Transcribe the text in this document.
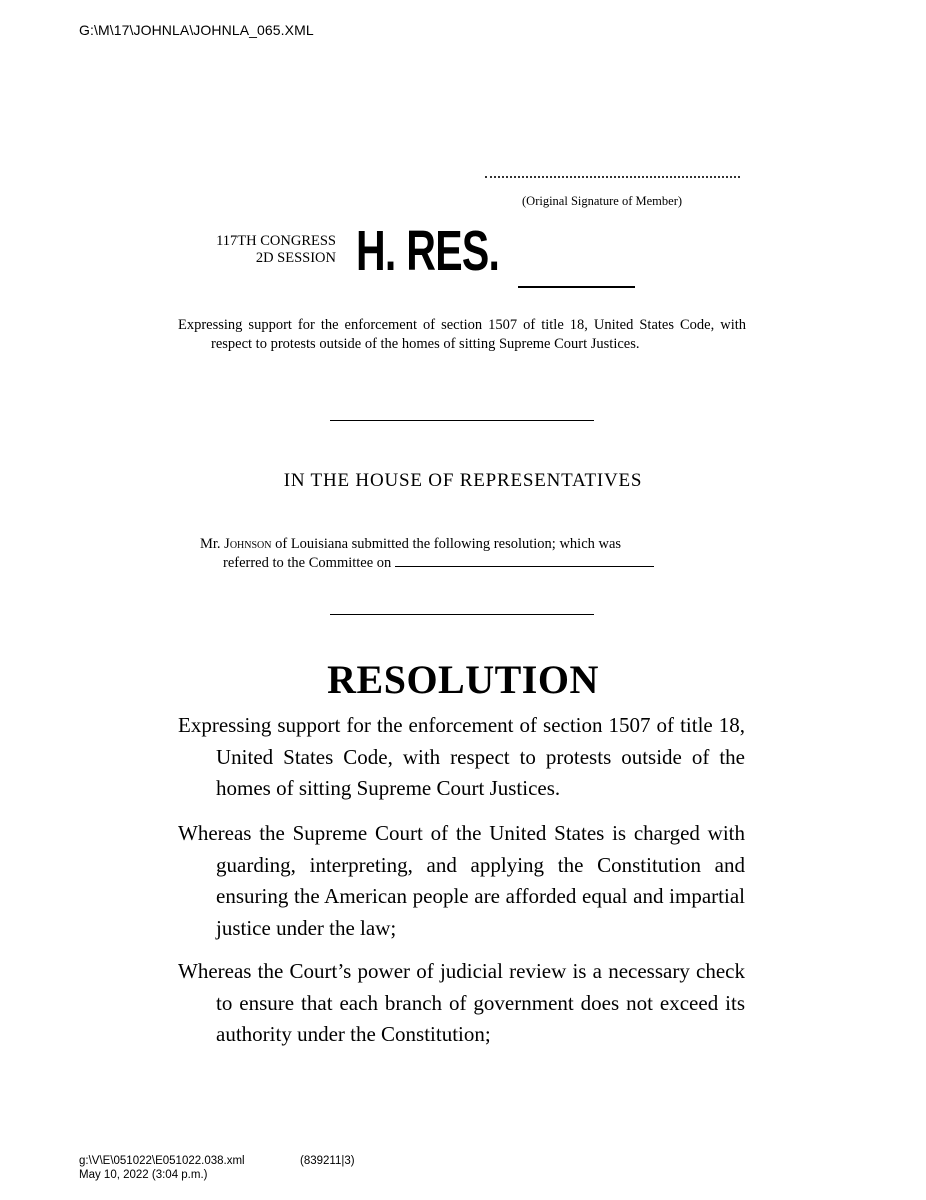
G:\M\17\JOHNLA\JOHNLA_065.XML
(Original Signature of Member)
117TH CONGRESS
2D SESSION H. RES.

Expressing support for the enforcement of section 1507 of title 18, United States Code, with respect to protests outside of the homes of sitting Supreme Court Justices.

IN THE HOUSE OF REPRESENTATIVES
Mr. Johnson of Louisiana submitted the following resolution; which was
referred to the Committee on
RESOLUTION

Expressing support for the enforcement of section 1507 of title 18, United States Code, with respect to protests outside of the homes of sitting Supreme Court Justices.

Whereas the Supreme Court of the United States is charged with guarding, interpreting, and applying the Constitution and ensuring the American people are afforded equal and impartial justice under the law;

Whereas the Court’s power of judicial review is a necessary check to ensure that each branch of government does not exceed its authority under the Constitution;

g:\V\E\051022\E051022.038.xml	(839211|3)
May 10, 2022 (3:04 p.m.)
